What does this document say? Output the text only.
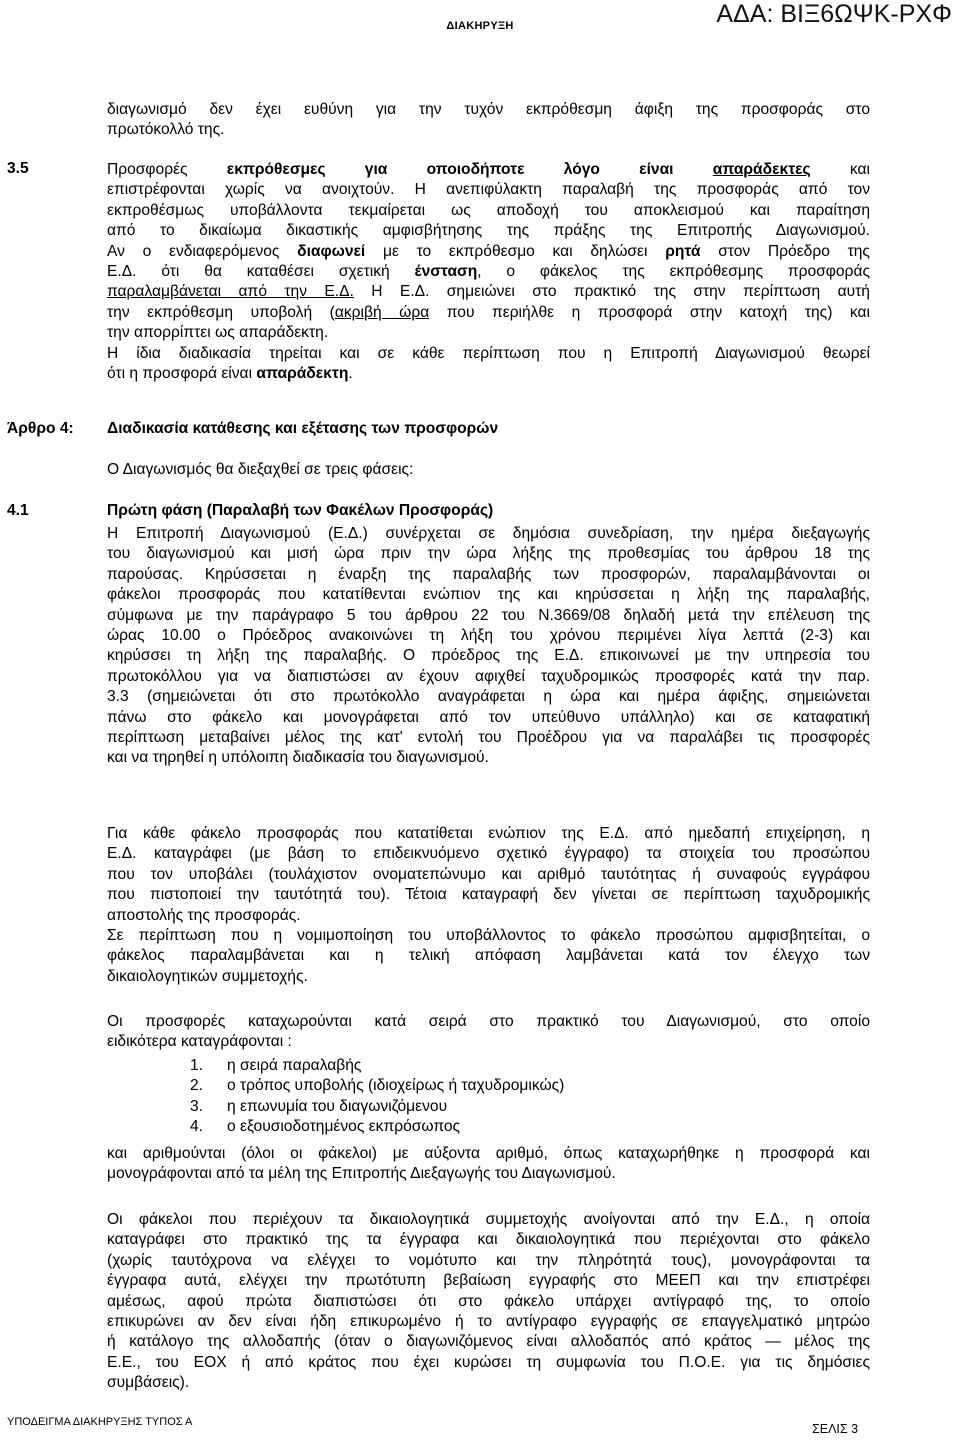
ΔΙΑΚΗΡΥΞΗ	ΑΔΑ: ΒΙΞ6ΩΨΚ-ΡΧΦ
διαγωνισμό δεν έχει ευθύνη για την τυχόν εκπρόθεσμη άφιξη της προσφοράς στο
πρωτόκολλό της.
3.5	Προσφορές	εκπρόθεσμες για οποιοδήποτε λόγο είναι	απαράδεκτες	και
επιστρέφονται χωρίς να ανοιχτούν. Η ανεπιφύλακτη παραλαβή της προσφοράς από τον
εκπροθέσμως υποβάλλοντα τεκμαίρεται ως αποδοχή του αποκλεισμού και παραίτηση
από το δικαίωμα δικαστικής αμφισβήτησης της πράξης της Επιτροπής Διαγωνισμού.
Αν ο ενδιαφερόμενος διαφωνεί με το εκπρόθεσμο και δηλώσει ρητά στον Πρόεδρο της
Ε.Δ. ότι θα καταθέσει σχετική ένσταση, ο φάκελος της εκπρόθεσμης προσφοράς
παραλαμβάνεται από την Ε.Δ. Η Ε.Δ. σημειώνει στο πρακτικό της στην περίπτωση αυτή
την εκπρόθεσμη υποβολή (ακριβή ώρα που περιήλθε η προσφορά στην κατοχή της) και
την απορρίπτει ως απαράδεκτη.
Η ίδια διαδικασία τηρείται και σε κάθε περίπτωση που η Επιτροπή Διαγωνισμού θεωρεί
ότι η προσφορά είναι απαράδεκτη.
Άρθρο 4: Διαδικασία κατάθεσης και εξέτασης των προσφορών
Ο Διαγωνισμός θα διεξαχθεί σε τρεις φάσεις:
4.1	Πρώτη φάση (Παραλαβή των Φακέλων Προσφοράς)
Η Επιτροπή Διαγωνισμού (Ε.Δ.) συνέρχεται σε δημόσια συνεδρίαση, την ημέρα διεξαγωγής
του διαγωνισμού και μισή ώρα πριν την ώρα λήξης της προθεσμίας του άρθρου 18 της
παρούσας. Κηρύσσεται η έναρξη της παραλαβής των προσφορών, παραλαμβάνονται οι
φάκελοι προσφοράς που κατατίθενται ενώπιον της και κηρύσσεται η λήξη της παραλαβής,
σύμφωνα με την παράγραφο 5 του άρθρου 22 του Ν.3669/08 δηλαδή μετά την επέλευση της
ώρας 10.00 ο Πρόεδρος ανακοινώνει τη λήξη του χρόνου περιμένει λίγα λεπτά (2-3) και
κηρύσσει τη λήξη της παραλαβής. Ο πρόεδρος της Ε.Δ. επικοινωνεί με την υπηρεσία του
πρωτοκόλλου για να διαπιστώσει αν έχουν αφιχθεί ταχυδρομικώς προσφορές κατά την παρ.
3.3 (σημειώνεται ότι στο πρωτόκολλο αναγράφεται η ώρα και ημέρα άφιξης, σημειώνεται
πάνω στο φάκελο και μονογράφεται από τον υπεύθυνο υπάλληλο) και σε καταφατική
περίπτωση μεταβαίνει μέλος της κατ' εντολή του Προέδρου για να παραλάβει τις προσφορές
και να τηρηθεί η υπόλοιπη διαδικασία του διαγωνισμού.
Για κάθε φάκελο προσφοράς που κατατίθεται ενώπιον της Ε.Δ. από ημεδαπή επιχείρηση, η
Ε.Δ. καταγράφει (με βάση το επιδεικνυόμενο σχετικό έγγραφο) τα στοιχεία του προσώπου
που τον υποβάλει (τουλάχιστον ονοματεπώνυμο και αριθμό ταυτότητας ή συναφούς εγγράφου
που πιστοποιεί την ταυτότητά του). Τέτοια καταγραφή δεν γίνεται σε περίπτωση ταχυδρομικής
αποστολής της προσφοράς.
Σε περίπτωση που η νομιμοποίηση του υποβάλλοντος το φάκελο προσώπου αμφισβητείται, ο
φάκελος παραλαμβάνεται και η τελική απόφαση λαμβάνεται κατά τον έλεγχο των
δικαιολογητικών συμμετοχής.
Οι προσφορές καταχωρούνται κατά σειρά στο πρακτικό του Διαγωνισμού, στο οποίο
ειδικότερα καταγράφονται :
1.	η σειρά παραλαβής
2.	ο τρόπος υποβολής (ιδιοχείρως ή ταχυδρομικώς)
3.	η επωνυμία του διαγωνιζόμενου
4.	ο εξουσιοδοτημένος εκπρόσωπος
και αριθμούνται (όλοι οι φάκελοι) με αύξοντα αριθμό, όπως καταχωρήθηκε η προσφορά και
μονογράφονται από τα μέλη της Επιτροπής Διεξαγωγής του Διαγωνισμού.
Οι φάκελοι που περιέχουν τα δικαιολογητικά συμμετοχής ανοίγονται από την Ε.Δ., η οποία
καταγράφει στο πρακτικό της τα έγγραφα και δικαιολογητικά που περιέχονται στο φάκελο
(χωρίς ταυτόχρονα να ελέγχει το νομότυπο και την πληρότητά τους), μονογράφονται τα
έγγραφα αυτά, ελέγχει την πρωτότυπη βεβαίωση εγγραφής στο ΜΕΕΠ και την επιστρέφει
αμέσως, αφού πρώτα διαπιστώσει ότι στο φάκελο υπάρχει αντίγραφό της, το οποίο
επικυρώνει αν δεν είναι ήδη επικυρωμένο ή το αντίγραφο εγγραφής σε επαγγελματικό μητρώο
ή κατάλογο της αλλοδαπής (όταν ο διαγωνιζόμενος είναι αλλοδαπός από κράτος — μέλος της
Ε.Ε., του ΕΟΧ ή από κράτος που έχει κυρώσει τη συμφωνία του Π.Ο.Ε. για τις δημόσιες
συμβάσεις).
ΥΠΟΔΕΙΓΜΑ ΔΙΑΚΗΡΥΞΗΣ ΤΥΠΟΣ Α	ΣΕΛΙΣ 3
